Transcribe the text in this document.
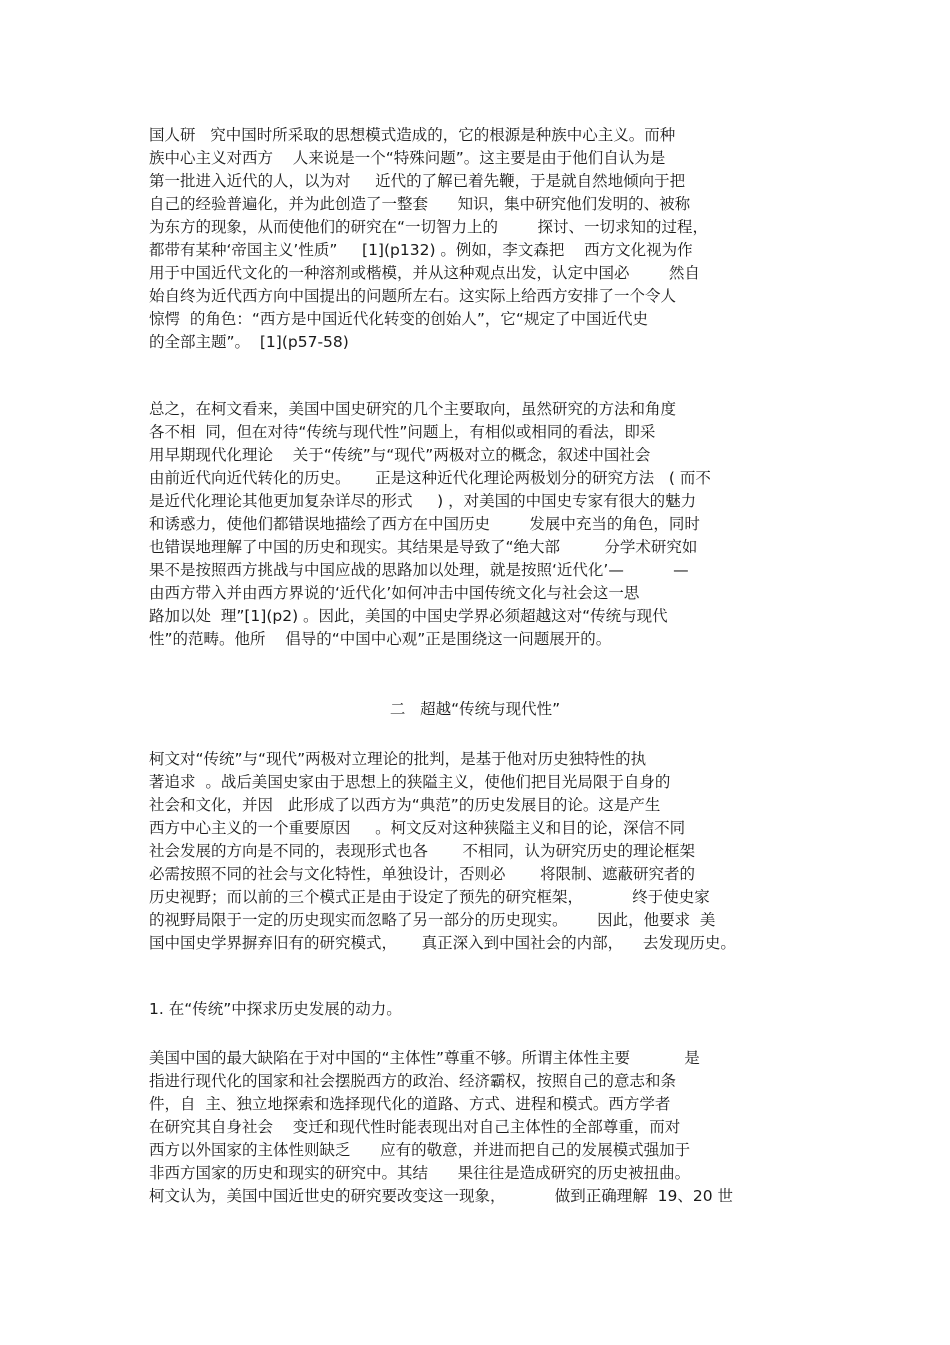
国人研   究中国时所采取的思想模式造成的，它的根源是种族中心主义。而种
族中心主义对西方    人来说是一个“特殊问题”。这主要是由于他们自认为是
第一批进入近代的人，以为对     近代的了解已着先鞭，于是就自然地倾向于把
自己的经验普遍化，并为此创造了一整套      知识，集中研究他们发明的、被称
为东方的现象，从而使他们的研究在“一切智力上的        探讨、一切求知的过程，
都带有某种‘帝国主义’性质”     [1](p132) 。例如，李文森把    西方文化视为作
用于中国近代文化的一种溶剂或楷模，并从这种观点出发，认定中国必        然自
始自终为近代西方向中国提出的问题所左右。这实际上给西方安排了一个令人
惊愕  的角色：“西方是中国近代化转变的创始人”，它“规定了中国近代史
的全部主题”。  [1](p57-58)
总之，在柯文看来，美国中国史研究的几个主要取向，虽然研究的方法和角度
各不相  同，但在对待“传统与现代性”问题上，有相似或相同的看法，即采
用早期现代化理论    关于“传统”与“现代”两极对立的概念，叙述中国社会
由前近代向近代转化的历史。     正是这种近代化理论两极划分的研究方法   ( 而不
是近代化理论其他更加复杂详尽的形式     ) ，对美国的中国史专家有很大的魅力
和诱惑力，使他们都错误地描绘了西方在中国历史        发展中充当的角色，同时
也错误地理解了中国的历史和现实。其结果是导致了“绝大部         分学术研究如
果不是按照西方挑战与中国应战的思路加以处理，就是按照‘近代化’—          —
由西方带入并由西方界说的‘近代化’如何冲击中国传统文化与社会这一思
路加以处  理”[1](p2) 。因此，美国的中国史学界必须超越这对“传统与现代
性”的范畴。他所    倡导的“中国中心观”正是围绕这一问题展开的。
二   超越“传统与现代性”
柯文对“传统”与“现代”两极对立理论的批判，是基于他对历史独特性的执
著追求  。战后美国史家由于思想上的狭隘主义，使他们把目光局限于自身的
社会和文化，并因   此形成了以西方为“典范”的历史发展目的论。这是产生
西方中心主义的一个重要原因     。柯文反对这种狭隘主义和目的论，深信不同
社会发展的方向是不同的，表现形式也各       不相同，认为研究历史的理论框架
必需按照不同的社会与文化特性，单独设计，否则必       将限制、遮蔽研究者的
历史视野；而以前的三个模式正是由于设定了预先的研究框架，          终于使史家
的视野局限于一定的历史现实而忽略了另一部分的历史现实。      因此，他要求  美
国中国史学界摒弃旧有的研究模式，     真正深入到中国社会的内部，    去发现历史。
1. 在“传统”中探求历史发展的动力。
美国中国的最大缺陷在于对中国的“主体性”尊重不够。所谓主体性主要           是
指进行现代化的国家和社会摆脱西方的政治、经济霸权，按照自己的意志和条
件，自  主、独立地探索和选择现代化的道路、方式、进程和模式。西方学者
在研究其自身社会    变迁和现代性时能表现出对自己主体性的全部尊重，而对
西方以外国家的主体性则缺乏      应有的敬意，并进而把自己的发展模式强加于
非西方国家的历史和现实的研究中。其结      果往往是造成研究的历史被扭曲。
柯文认为，美国中国近世史的研究要改变这一现象，          做到正确理解  19、20 世
